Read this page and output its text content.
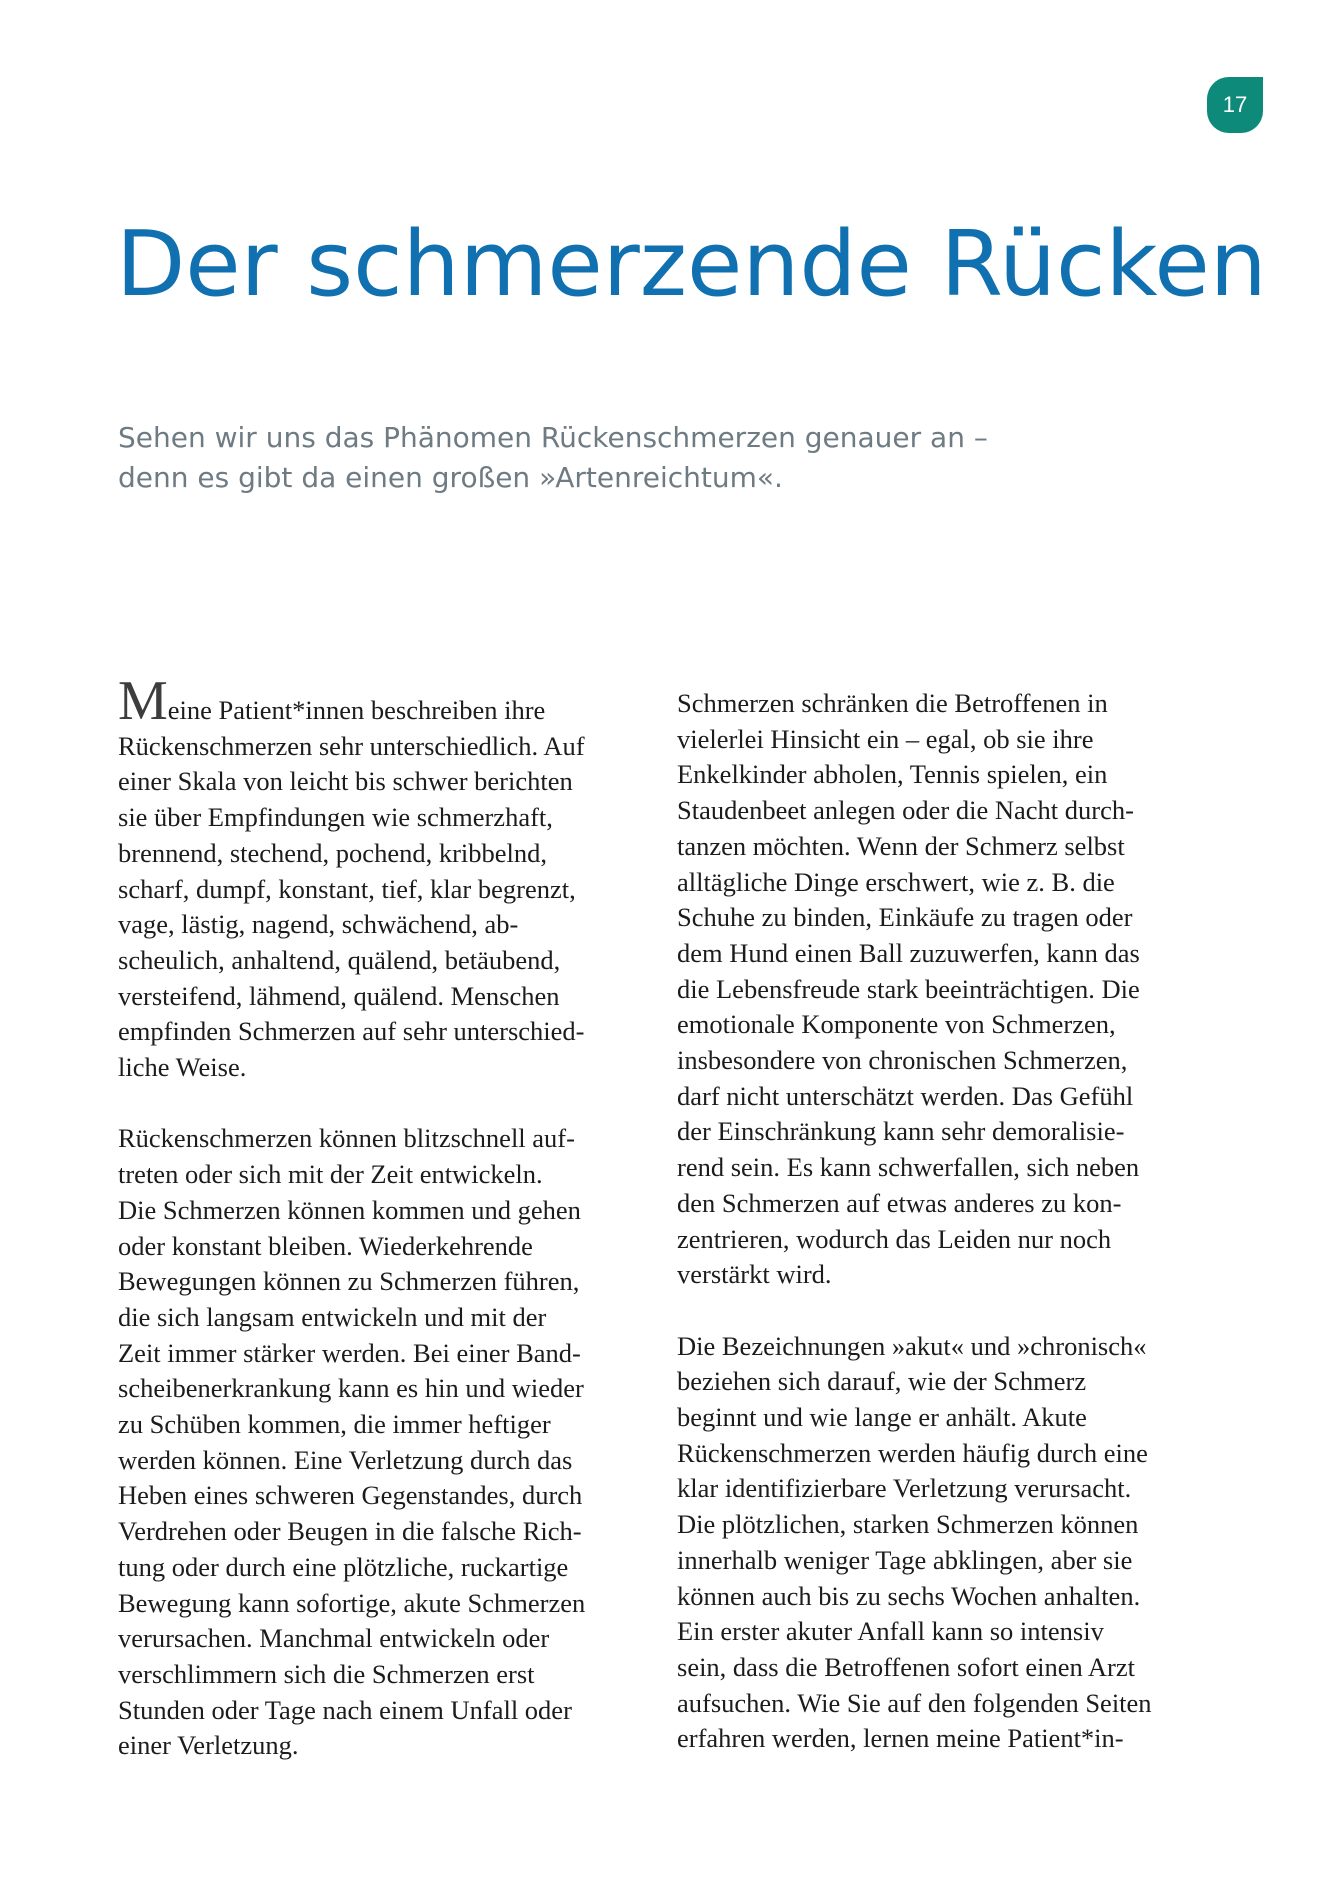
17
Der schmerzende Rücken
Sehen wir uns das Phänomen Rückenschmerzen genauer an –
denn es gibt da einen großen »Artenreichtum«.
Meine Patient*innen beschreiben ihre
Rückenschmerzen sehr unterschiedlich. Auf
einer Skala von leicht bis schwer berichten
sie über Empfindungen wie schmerzhaft,
brennend, stechend, pochend, kribbelnd,
scharf, dumpf, konstant, tief, klar begrenzt,
vage, lästig, nagend, schwächend, ab-
scheulich, anhaltend, quälend, betäubend,
versteifend, lähmend, quälend. Menschen
empfinden Schmerzen auf sehr unterschied-
liche Weise.
Rückenschmerzen können blitzschnell auf-
treten oder sich mit der Zeit entwickeln.
Die Schmerzen können kommen und gehen
oder konstant bleiben. Wiederkehrende
Bewegungen können zu Schmerzen führen,
die sich langsam entwickeln und mit der
Zeit immer stärker werden. Bei einer Band-
scheibenerkrankung kann es hin und wieder
zu Schüben kommen, die immer heftiger
werden können. Eine Verletzung durch das
Heben eines schweren Gegenstandes, durch
Verdrehen oder Beugen in die falsche Rich-
tung oder durch eine plötzliche, ruckartige
Bewegung kann sofortige, akute Schmerzen
verursachen. Manchmal entwickeln oder
verschlimmern sich die Schmerzen erst
Stunden oder Tage nach einem Unfall oder
einer Verletzung.
Schmerzen schränken die Betroffenen in
vielerlei Hinsicht ein – egal, ob sie ihre
Enkelkinder abholen, Tennis spielen, ein
Staudenbeet anlegen oder die Nacht durch-
tanzen möchten. Wenn der Schmerz selbst
alltägliche Dinge erschwert, wie z. B. die
Schuhe zu binden, Einkäufe zu tragen oder
dem Hund einen Ball zuzuwerfen, kann das
die Lebensfreude stark beeinträchtigen. Die
emotionale Komponente von Schmerzen,
insbesondere von chronischen Schmerzen,
darf nicht unterschätzt werden. Das Gefühl
der Einschränkung kann sehr demoralisie-
rend sein. Es kann schwerfallen, sich neben
den Schmerzen auf etwas anderes zu kon-
zentrieren, wodurch das Leiden nur noch
verstärkt wird.
Die Bezeichnungen »akut« und »chronisch«
beziehen sich darauf, wie der Schmerz
beginnt und wie lange er anhält. Akute
Rückenschmerzen werden häufig durch eine
klar identifizierbare Verletzung verursacht.
Die plötzlichen, starken Schmerzen können
innerhalb weniger Tage abklingen, aber sie
können auch bis zu sechs Wochen anhalten.
Ein erster akuter Anfall kann so intensiv
sein, dass die Betroffenen sofort einen Arzt
aufsuchen. Wie Sie auf den folgenden Seiten
erfahren werden, lernen meine Patient*in-
